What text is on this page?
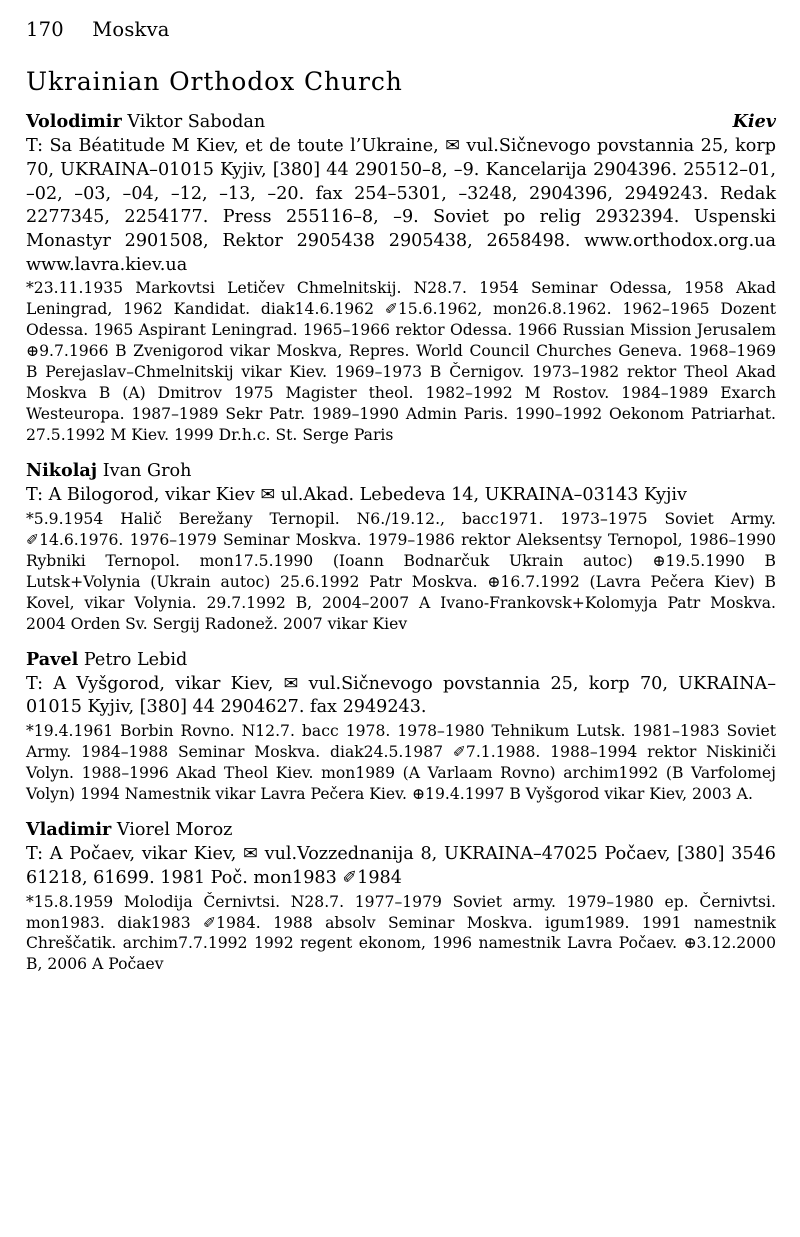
170 Moskva
Ukrainian Orthodox Church
Kiev
Volodimir Viktor Sabodan

T: Sa Béatitude M Kiev, et de toute l’Ukraine, ✉ vul.Sičnevogo povstannia 25, korp 70, UKRAINA–01015 Kyjiv, [380] 44 290150–8, –9. Kancelarija 2904396. 25512–01, –02, –03, –04, –12, –13, –20. fax 254–5301, –3248, 2904396, 2949243. Redak 2277345, 2254177. Press 255116–8, –9. Soviet po relig 2932394. Uspenski Monastyr 2901508, Rektor 2905438 2905438, 2658498. www.orthodox.org.ua www.lavra.kiev.ua

*23.11.1935 Markovtsi Letičev Chmelnitskij. N28.7. 1954 Seminar Odessa, 1958 Akad Leningrad, 1962 Kandidat. diak14.6.1962 ✐15.6.1962, mon26.8.1962. 1962–1965 Dozent Odessa. 1965 Aspirant Leningrad. 1965–1966 rektor Odessa. 1966 Russian Mission Jerusalem ⊕9.7.1966 B Zvenigorod vikar Moskva, Repres. World Council Churches Geneva. 1968–1969 B Perejaslav–Chmelnitskij vikar Kiev. 1969–1973 B Černigov. 1973–1982 rektor Theol Akad Moskva B (A) Dmitrov 1975 Magister theol. 1982–1992 M Rostov. 1984–1989 Exarch Westeuropa. 1987–1989 Sekr Patr. 1989–1990 Admin Paris. 1990–1992 Oekonom Patriarhat. 27.5.1992 M Kiev. 1999 Dr.h.c. St. Serge Paris

Nikolaj Ivan Groh

T: A Bilogorod, vikar Kiev ✉ ul.Akad. Lebedeva 14, UKRAINA–03143 Kyjiv

*5.9.1954 Halič Berežany Ternopil. N6./19.12., bacc1971. 1973–1975 Soviet Army. ✐14.6.1976. 1976–1979 Seminar Moskva. 1979–1986 rektor Aleksentsy Ternopol, 1986–1990 Rybniki Ternopol. mon17.5.1990 (Ioann Bodnarčuk Ukrain autoc) ⊕19.5.1990 B Lutsk+Volynia (Ukrain autoc) 25.6.1992 Patr Moskva. ⊕16.7.1992 (Lavra Pečera Kiev) B Kovel, vikar Volynia. 29.7.1992 B, 2004–2007 A Ivano-Frankovsk+Kolomyja Patr Moskva. 2004 Orden Sv. Sergij Radonež. 2007 vikar Kiev

Pavel Petro Lebid

T: A Vyšgorod, vikar Kiev, ✉ vul.Sičnevogo povstannia 25, korp 70, UKRAINA–01015 Kyjiv, [380] 44 2904627. fax 2949243.

*19.4.1961 Borbin Rovno. N12.7. bacc 1978. 1978–1980 Tehnikum Lutsk. 1981–1983 Soviet Army. 1984–1988 Seminar Moskva. diak24.5.1987 ✐7.1.1988. 1988–1994 rektor Niskiniči Volyn. 1988–1996 Akad Theol Kiev. mon1989 (A Varlaam Rovno) archim1992 (B Varfolomej Volyn) 1994 Namestnik vikar Lavra Pečera Kiev. ⊕19.4.1997 B Vyšgorod vikar Kiev, 2003 A.

Vladimir Viorel Moroz

T: A Počaev, vikar Kiev, ✉ vul.Vozzednanija 8, UKRAINA–47025 Počaev, [380] 3546 61218, 61699. 1981 Poč. mon1983 ✐1984

*15.8.1959 Molodija Černivtsi. N28.7. 1977–1979 Soviet army. 1979–1980 ep. Černivtsi. mon1983. diak1983 ✐1984. 1988 absolv Seminar Moskva. igum1989. 1991 namestnik Chreščatik. archim7.7.1992 1992 regent ekonom, 1996 namestnik Lavra Počaev. ⊕3.12.2000 B, 2006 A Počaev
